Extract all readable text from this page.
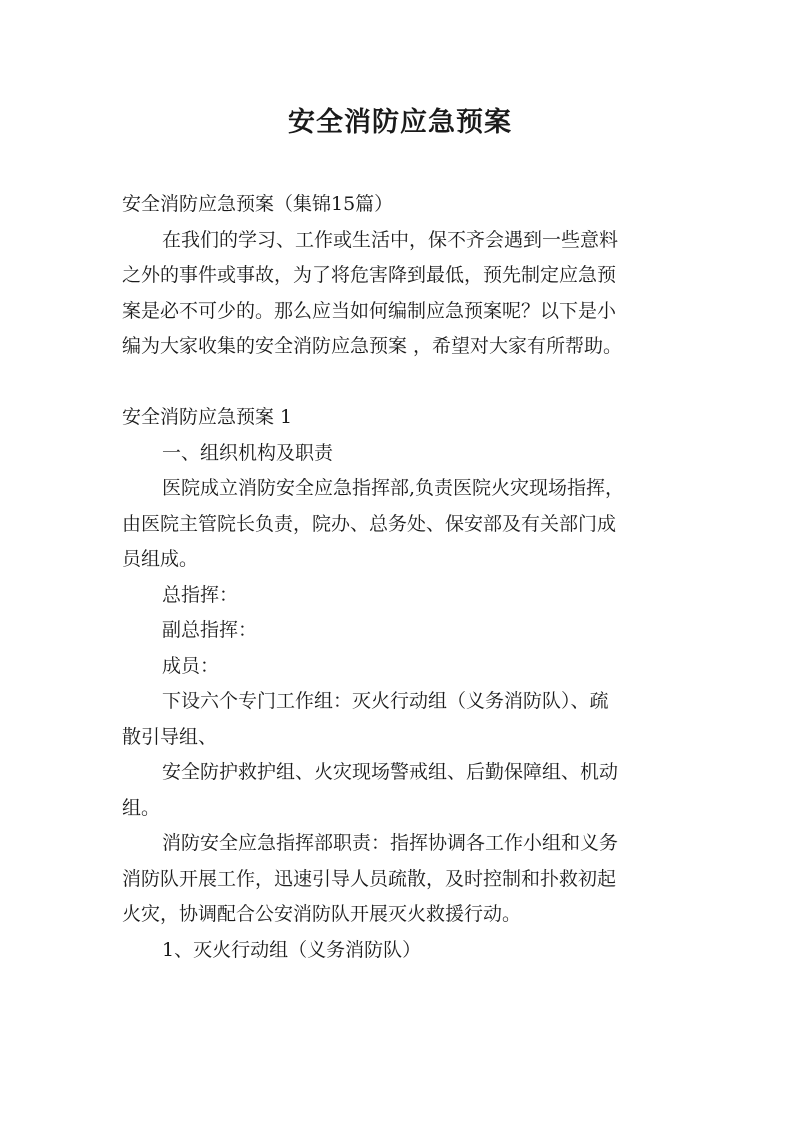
安全消防应急预案

安全消防应急预案（集锦15篇）

在我们的学习、工作或生活中，保不齐会遇到一些意料

之外的事件或事故，为了将危害降到最低，预先制定应急预

案是必不可少的。那么应当如何编制应急预案呢？以下是小

编为大家收集的安全消防应急预案 ，希望对大家有所帮助。

安全消防应急预案 1

一、组织机构及职责

医院成立消防安全应急指挥部,负责医院火灾现场指挥，

由医院主管院长负责，院办、总务处、保安部及有关部门成

员组成。

总指挥：

副总指挥：

成员：

下设六个专门工作组：灭火行动组（义务消防队）、疏

散引导组、

安全防护救护组、火灾现场警戒组、后勤保障组、机动

组。

消防安全应急指挥部职责：指挥协调各工作小组和义务

消防队开展工作，迅速引导人员疏散，及时控制和扑救初起

火灾，协调配合公安消防队开展灭火救援行动。

1、灭火行动组（义务消防队）
